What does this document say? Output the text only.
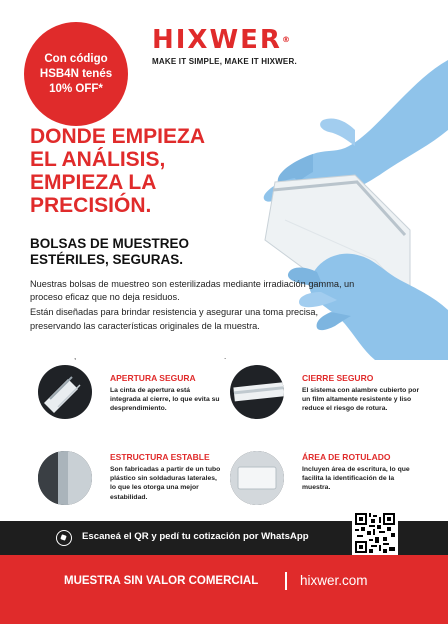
Con código
HSB4N tenés
10% OFF*
HIXWER®
MAKE IT SIMPLE, MAKE IT HIXWER.
DONDE EMPIEZA
EL ANÁLISIS,
EMPIEZA LA
PRECISIÓN.
BOLSAS DE MUESTREO
ESTÉRILES, SEGURAS.

Nuestras bolsas de muestreo son esterilizadas mediante irradiación gamma, un proceso eficaz que no deja residuos.

Están diseñadas para brindar resistencia y asegurar una toma precisa, preservando las características originales de la muestra.

,	.
APERTURA SEGURA
La cinta de apertura está integrada al cierre, lo que evita su desprendimiento.
CIERRE SEGURO
El sistema con alambre cubierto por un film altamente resistente y liso reduce el riesgo de rotura.
ESTRUCTURA ESTABLE
Son fabricadas a partir de un tubo plástico sin soldaduras laterales, lo que les otorga una mejor estabilidad.
ÁREA DE ROTULADO
Incluyen área de escritura, lo que facilita la identificación de la muestra.
Escaneá el QR y pedí tu cotización por WhatsApp
MUESTRA SIN VALOR COMERCIAL	hixwer.com
